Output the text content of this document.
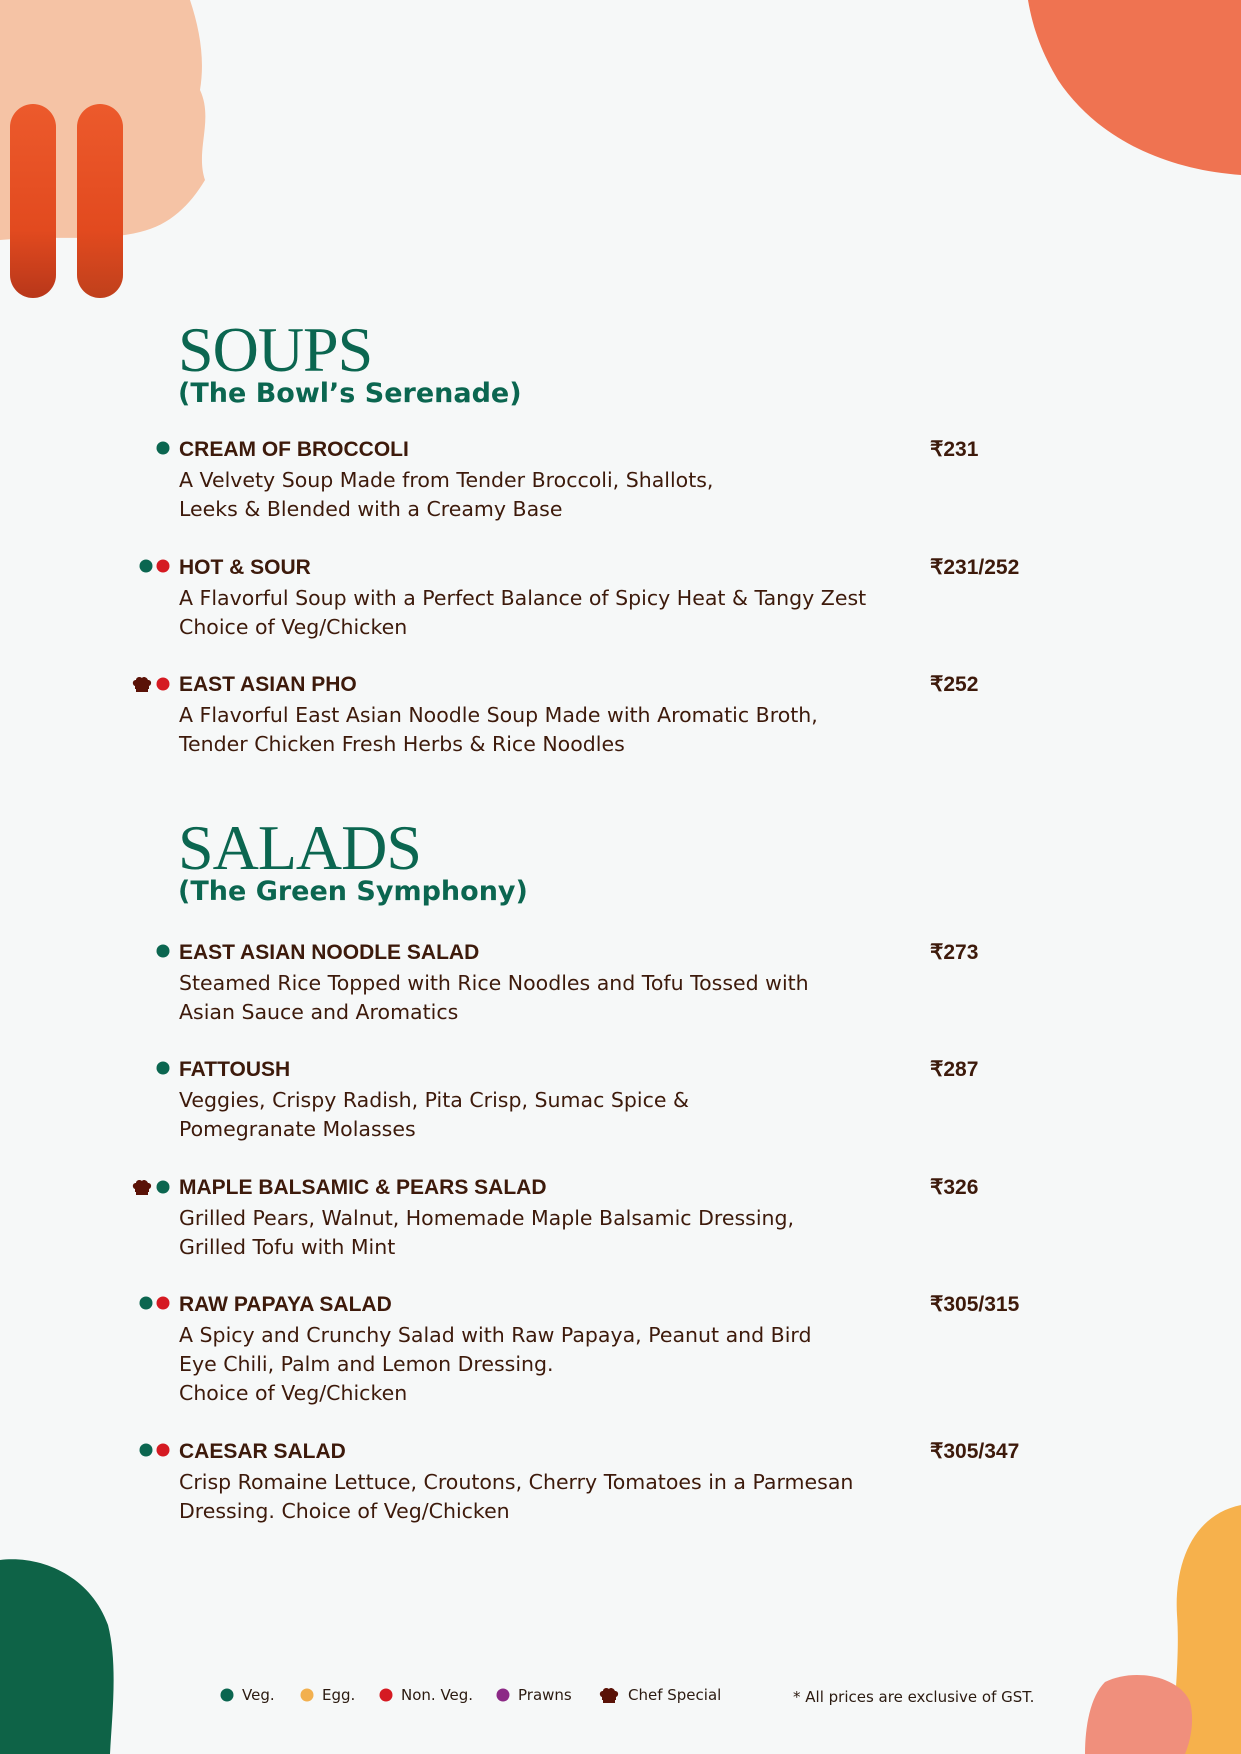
SOUPS
(The Bowl’s Serenade)
CREAM OF BROCCOLI	₹231
A Velvety Soup Made from Tender Broccoli, Shallots,
Leeks & Blended with a Creamy Base
HOT & SOUR	₹231/252
A Flavorful Soup with a Perfect Balance of Spicy Heat & Tangy Zest
Choice of Veg/Chicken
EAST ASIAN PHO	₹252
A Flavorful East Asian Noodle Soup Made with Aromatic Broth,
Tender Chicken Fresh Herbs & Rice Noodles
SALADS
(The Green Symphony)
EAST ASIAN NOODLE SALAD	₹273
Steamed Rice Topped with Rice Noodles and Tofu Tossed with
Asian Sauce and Aromatics
FATTOUSH	₹287
Veggies, Crispy Radish, Pita Crisp, Sumac Spice &
Pomegranate Molasses
MAPLE BALSAMIC & PEARS SALAD	₹326
Grilled Pears, Walnut, Homemade Maple Balsamic Dressing,
Grilled Tofu with Mint
RAW PAPAYA SALAD	₹305/315
A Spicy and Crunchy Salad with Raw Papaya, Peanut and Bird
Eye Chili, Palm and Lemon Dressing.
Choice of Veg/Chicken
CAESAR SALAD	₹305/347
Crisp Romaine Lettuce, Croutons, Cherry Tomatoes in a Parmesan
Dressing. Choice of Veg/Chicken
Veg.	Egg.	Non. Veg.	Prawns	Chef Special	* All prices are exclusive of GST.
